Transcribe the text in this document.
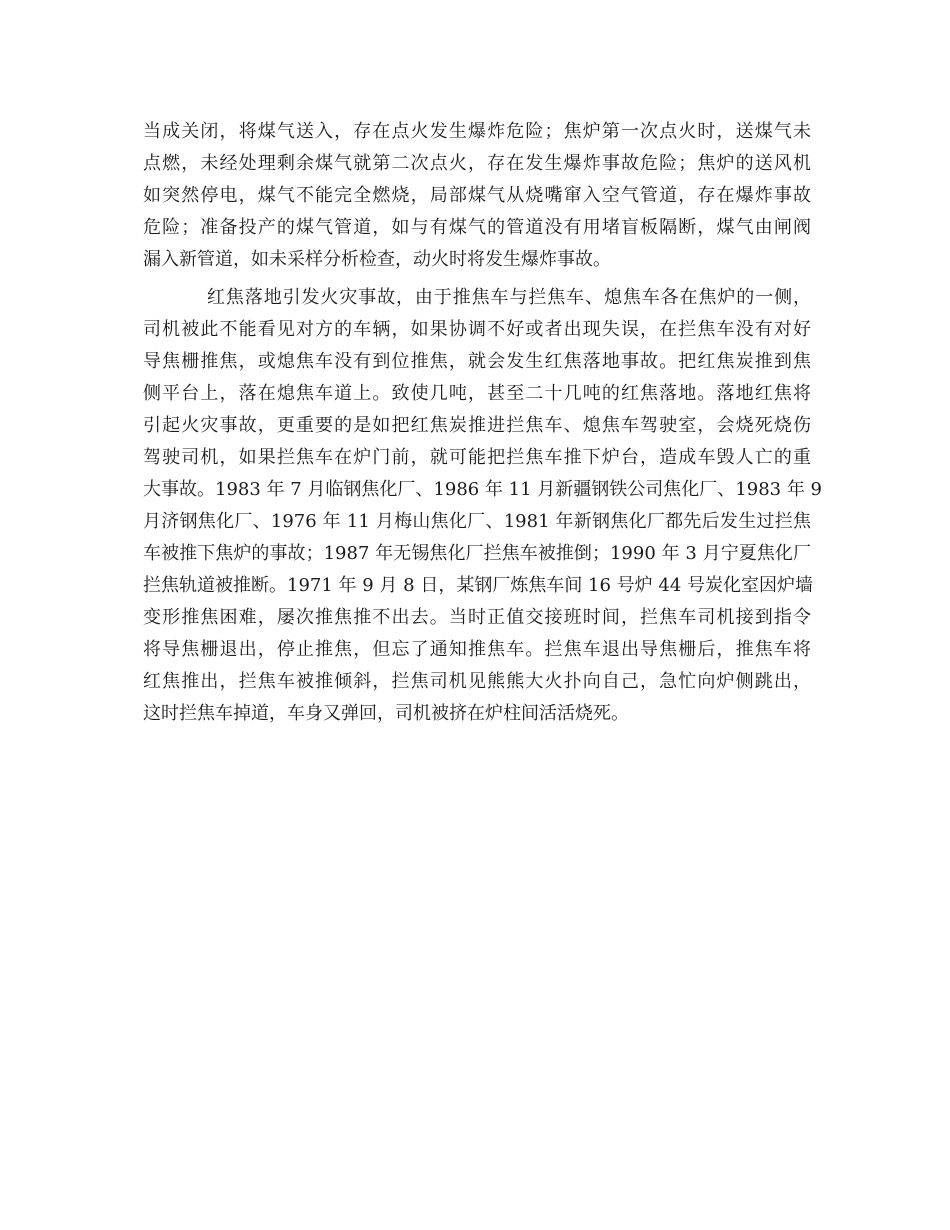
当成关闭，将煤气送入，存在点火发生爆炸危险；焦炉第一次点火时，送煤气未
点燃，未经处理剩余煤气就第二次点火，存在发生爆炸事故危险；焦炉的送风机
如突然停电，煤气不能完全燃烧，局部煤气从烧嘴窜入空气管道，存在爆炸事故
危险；准备投产的煤气管道，如与有煤气的管道没有用堵盲板隔断，煤气由闸阀
漏入新管道，如未采样分析检查，动火时将发生爆炸事故。
红焦落地引发火灾事故，由于推焦车与拦焦车、熄焦车各在焦炉的一侧，
司机被此不能看见对方的车辆，如果协调不好或者出现失误，在拦焦车没有对好
导焦栅推焦，或熄焦车没有到位推焦，就会发生红焦落地事故。把红焦炭推到焦
侧平台上，落在熄焦车道上。致使几吨，甚至二十几吨的红焦落地。落地红焦将
引起火灾事故，更重要的是如把红焦炭推进拦焦车、熄焦车驾驶室，会烧死烧伤
驾驶司机，如果拦焦车在炉门前，就可能把拦焦车推下炉台，造成车毁人亡的重
大事故。1983 年 7 月临钢焦化厂、1986 年 11 月新疆钢铁公司焦化厂、1983 年 9
月济钢焦化厂、1976 年 11 月梅山焦化厂、1981 年新钢焦化厂都先后发生过拦焦
车被推下焦炉的事故；1987 年无锡焦化厂拦焦车被推倒；1990 年 3 月宁夏焦化厂
拦焦轨道被推断。1971 年 9 月 8 日，某钢厂炼焦车间 16 号炉 44 号炭化室因炉墙
变形推焦困难，屡次推焦推不出去。当时正值交接班时间，拦焦车司机接到指令
将导焦栅退出，停止推焦，但忘了通知推焦车。拦焦车退出导焦栅后，推焦车将
红焦推出，拦焦车被推倾斜，拦焦司机见熊熊大火扑向自己，急忙向炉侧跳出，
这时拦焦车掉道，车身又弹回，司机被挤在炉柱间活活烧死。
